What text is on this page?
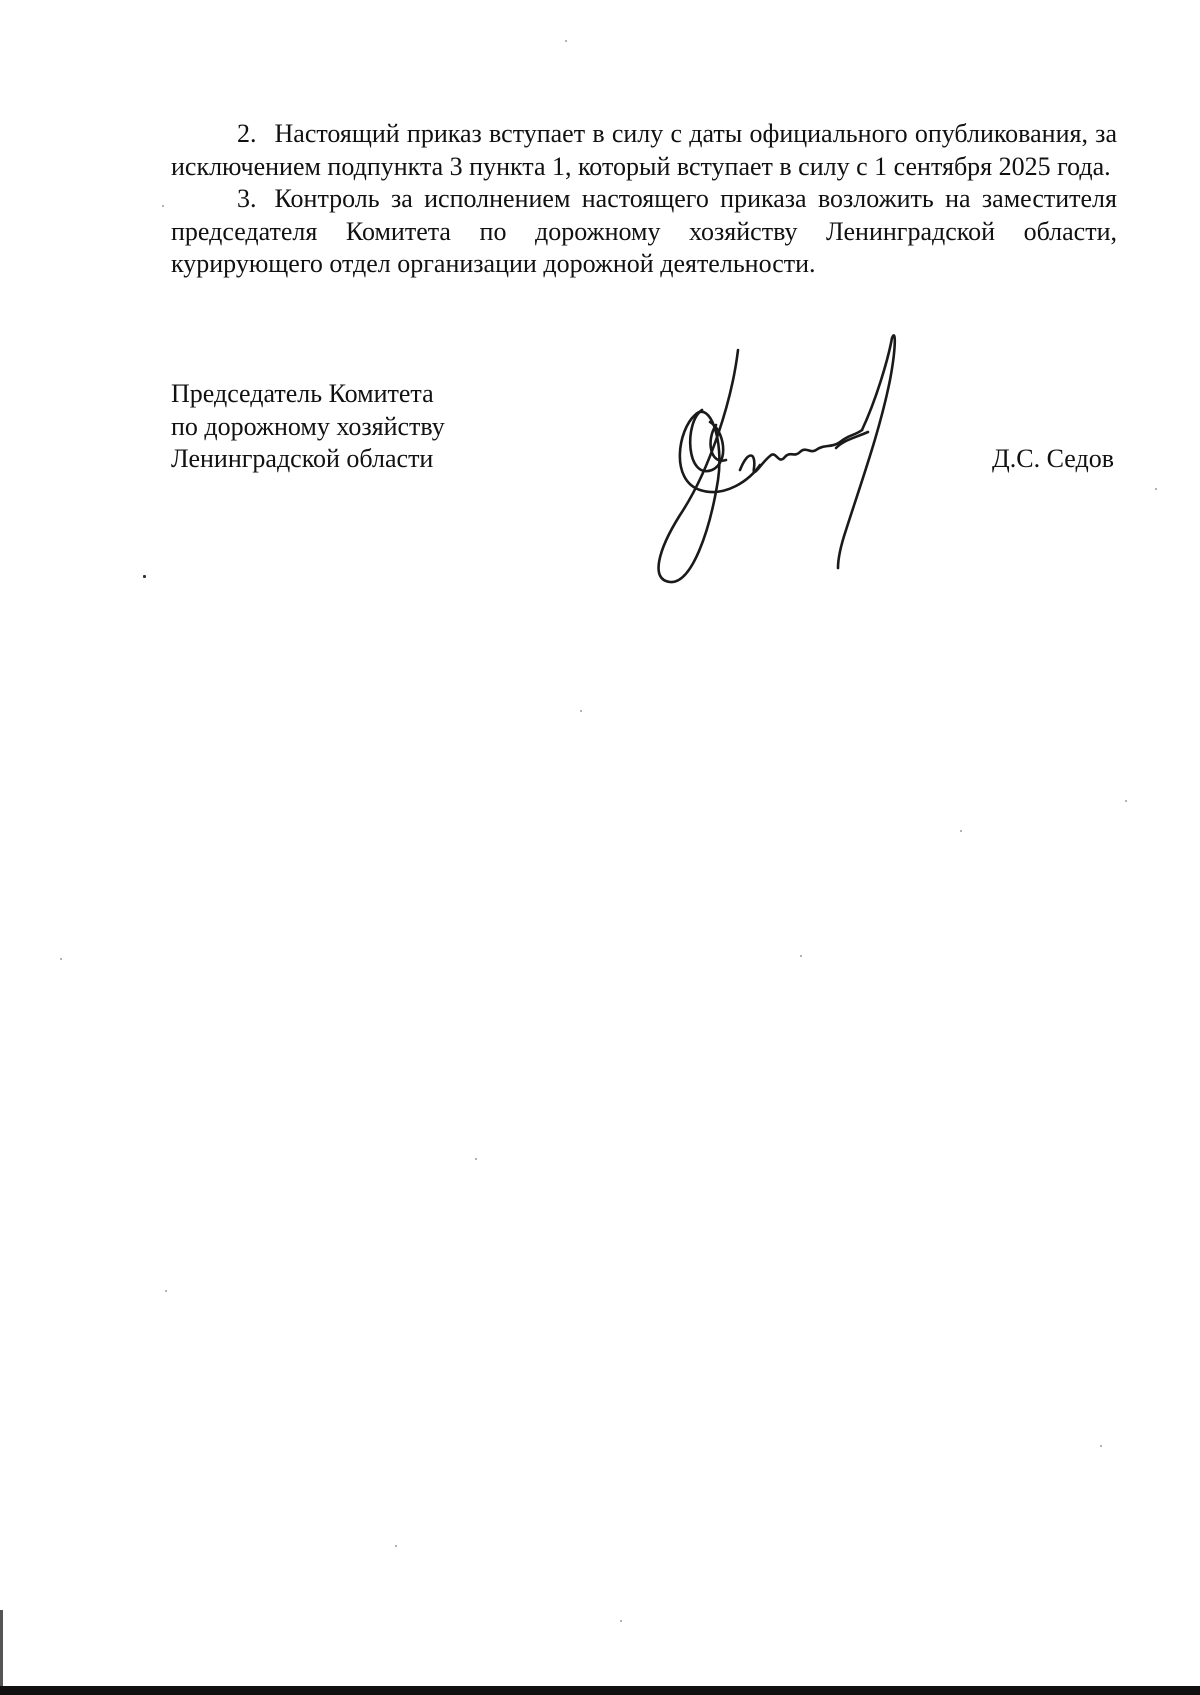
2. Настоящий приказ вступает в силу с даты официального опубликования, за исключением подпункта 3 пункта 1, который вступает в силу с 1 сентября 2025 года.

3. Контроль за исполнением настоящего приказа возложить на заместителя председателя Комитета по дорожному хозяйству Ленинградской области, курирующего отдел организации дорожной деятельности.

Председатель Комитета
по дорожному хозяйству
Ленинградской области	Д.С. Седов
